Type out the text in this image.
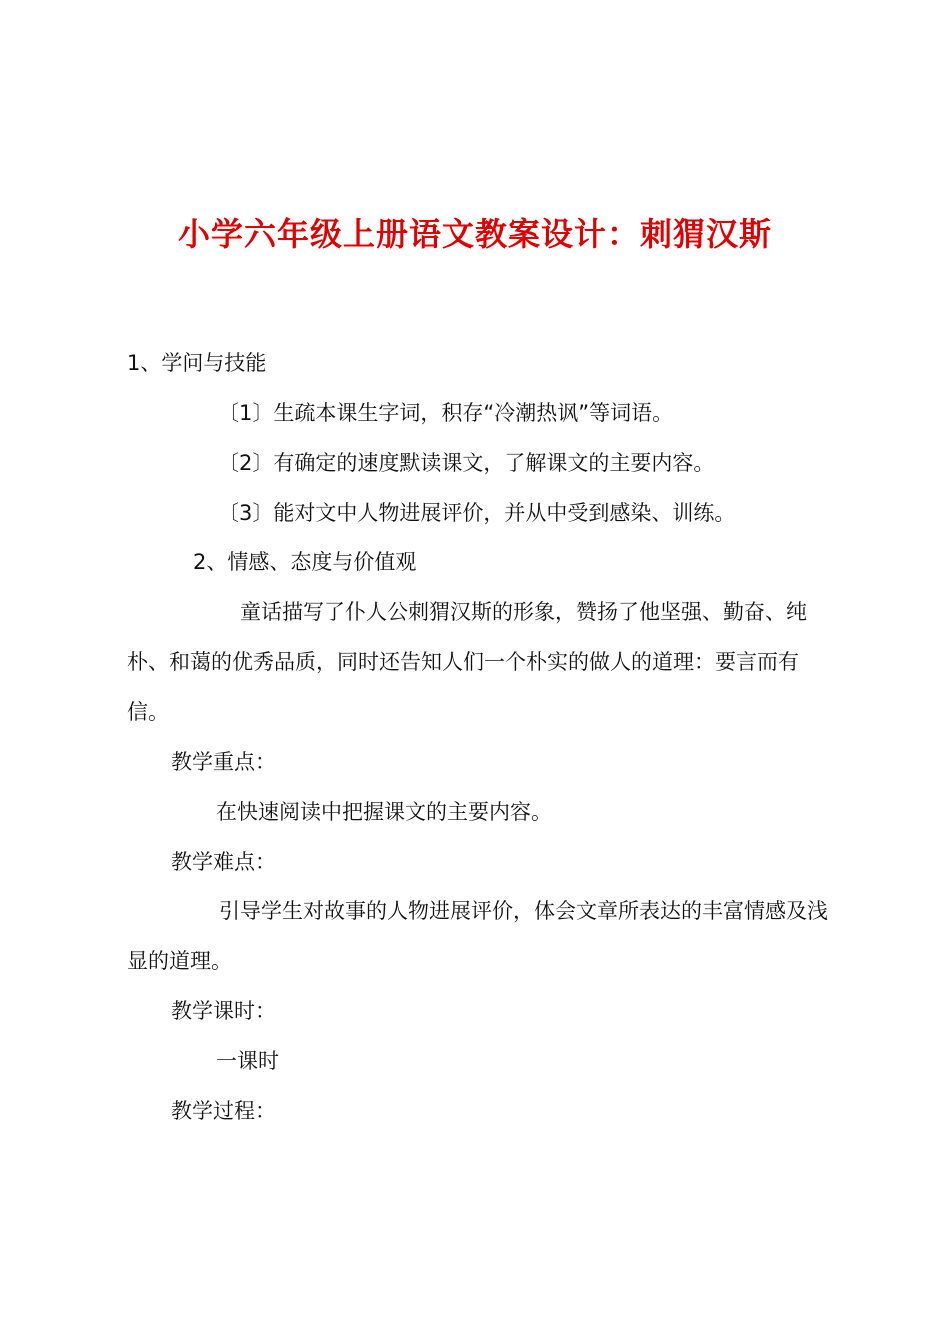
小学六年级上册语文教案设计：刺猬汉斯
1、学问与技能
〔1〕生疏本课生字词，积存“冷潮热讽”等词语。
〔2〕有确定的速度默读课文，了解课文的主要内容。
〔3〕能对文中人物进展评价，并从中受到感染、训练。
2、情感、态度与价值观
童话描写了仆人公刺猬汉斯的形象，赞扬了他坚强、勤奋、纯朴、和蔼的优秀品质，同时还告知人们一个朴实的做人的道理：要言而有信。
教学重点：
在快速阅读中把握课文的主要内容。
教学难点：
引导学生对故事的人物进展评价，体会文章所表达的丰富情感及浅显的道理。
教学课时：
一课时
教学过程：
